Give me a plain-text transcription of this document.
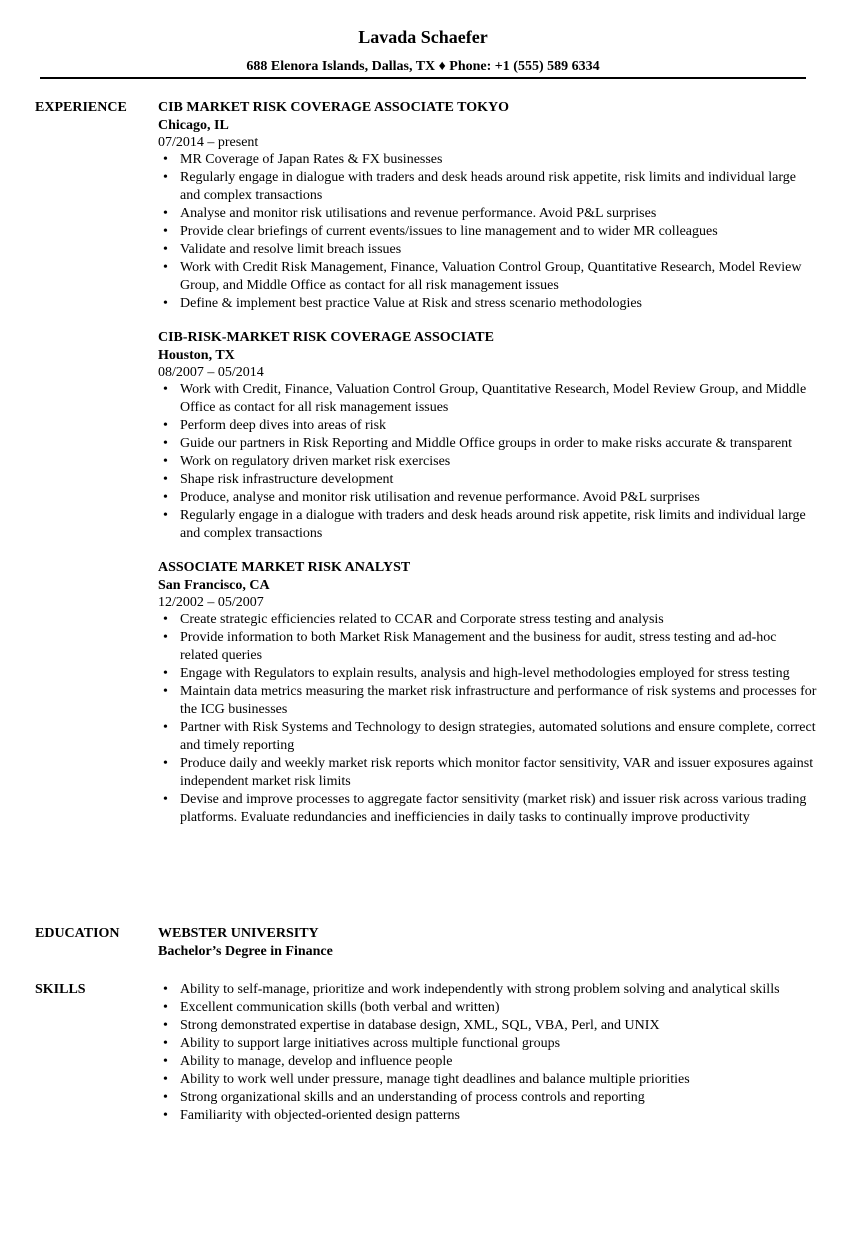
Lavada Schaefer
688 Elenora Islands, Dallas, TX ♦ Phone: +1 (555) 589 6334
EXPERIENCE	CIB MARKET RISK COVERAGE ASSOCIATE TOKYO
Chicago, IL
07/2014 – present
• MR Coverage of Japan Rates & FX businesses
• Regularly engage in dialogue with traders and desk heads around risk appetite, risk limits and individual large and complex transactions
• Analyse and monitor risk utilisations and revenue performance. Avoid P&L surprises
• Provide clear briefings of current events/issues to line management and to wider MR colleagues
• Validate and resolve limit breach issues
• Work with Credit Risk Management, Finance, Valuation Control Group, Quantitative Research, Model Review Group, and Middle Office as contact for all risk management issues
• Define & implement best practice Value at Risk and stress scenario methodologies
CIB-RISK-MARKET RISK COVERAGE ASSOCIATE
Houston, TX
08/2007 – 05/2014
• Work with Credit, Finance, Valuation Control Group, Quantitative Research, Model Review Group, and Middle Office as contact for all risk management issues
• Perform deep dives into areas of risk
• Guide our partners in Risk Reporting and Middle Office groups in order to make risks accurate & transparent
• Work on regulatory driven market risk exercises
• Shape risk infrastructure development
• Produce, analyse and monitor risk utilisation and revenue performance. Avoid P&L surprises
• Regularly engage in a dialogue with traders and desk heads around risk appetite, risk limits and individual large and complex transactions
ASSOCIATE MARKET RISK ANALYST
San Francisco, CA
12/2002 – 05/2007
• Create strategic efficiencies related to CCAR and Corporate stress testing and analysis
• Provide information to both Market Risk Management and the business for audit, stress testing and ad-hoc related queries
• Engage with Regulators to explain results, analysis and high-level methodologies employed for stress testing
• Maintain data metrics measuring the market risk infrastructure and performance of risk systems and processes for the ICG businesses
• Partner with Risk Systems and Technology to design strategies, automated solutions and ensure complete, correct and timely reporting
• Produce daily and weekly market risk reports which monitor factor sensitivity, VAR and issuer exposures against independent market risk limits
• Devise and improve processes to aggregate factor sensitivity (market risk) and issuer risk across various trading platforms. Evaluate redundancies and inefficiencies in daily tasks to continually improve productivity
EDUCATION	WEBSTER UNIVERSITY
Bachelor’s Degree in Finance
SKILLS	• Ability to self-manage, prioritize and work independently with strong problem solving and analytical skills
• Excellent communication skills (both verbal and written)
• Strong demonstrated expertise in database design, XML, SQL, VBA, Perl, and UNIX
• Ability to support large initiatives across multiple functional groups
• Ability to manage, develop and influence people
• Ability to work well under pressure, manage tight deadlines and balance multiple priorities
• Strong organizational skills and an understanding of process controls and reporting
• Familiarity with objected-oriented design patterns
